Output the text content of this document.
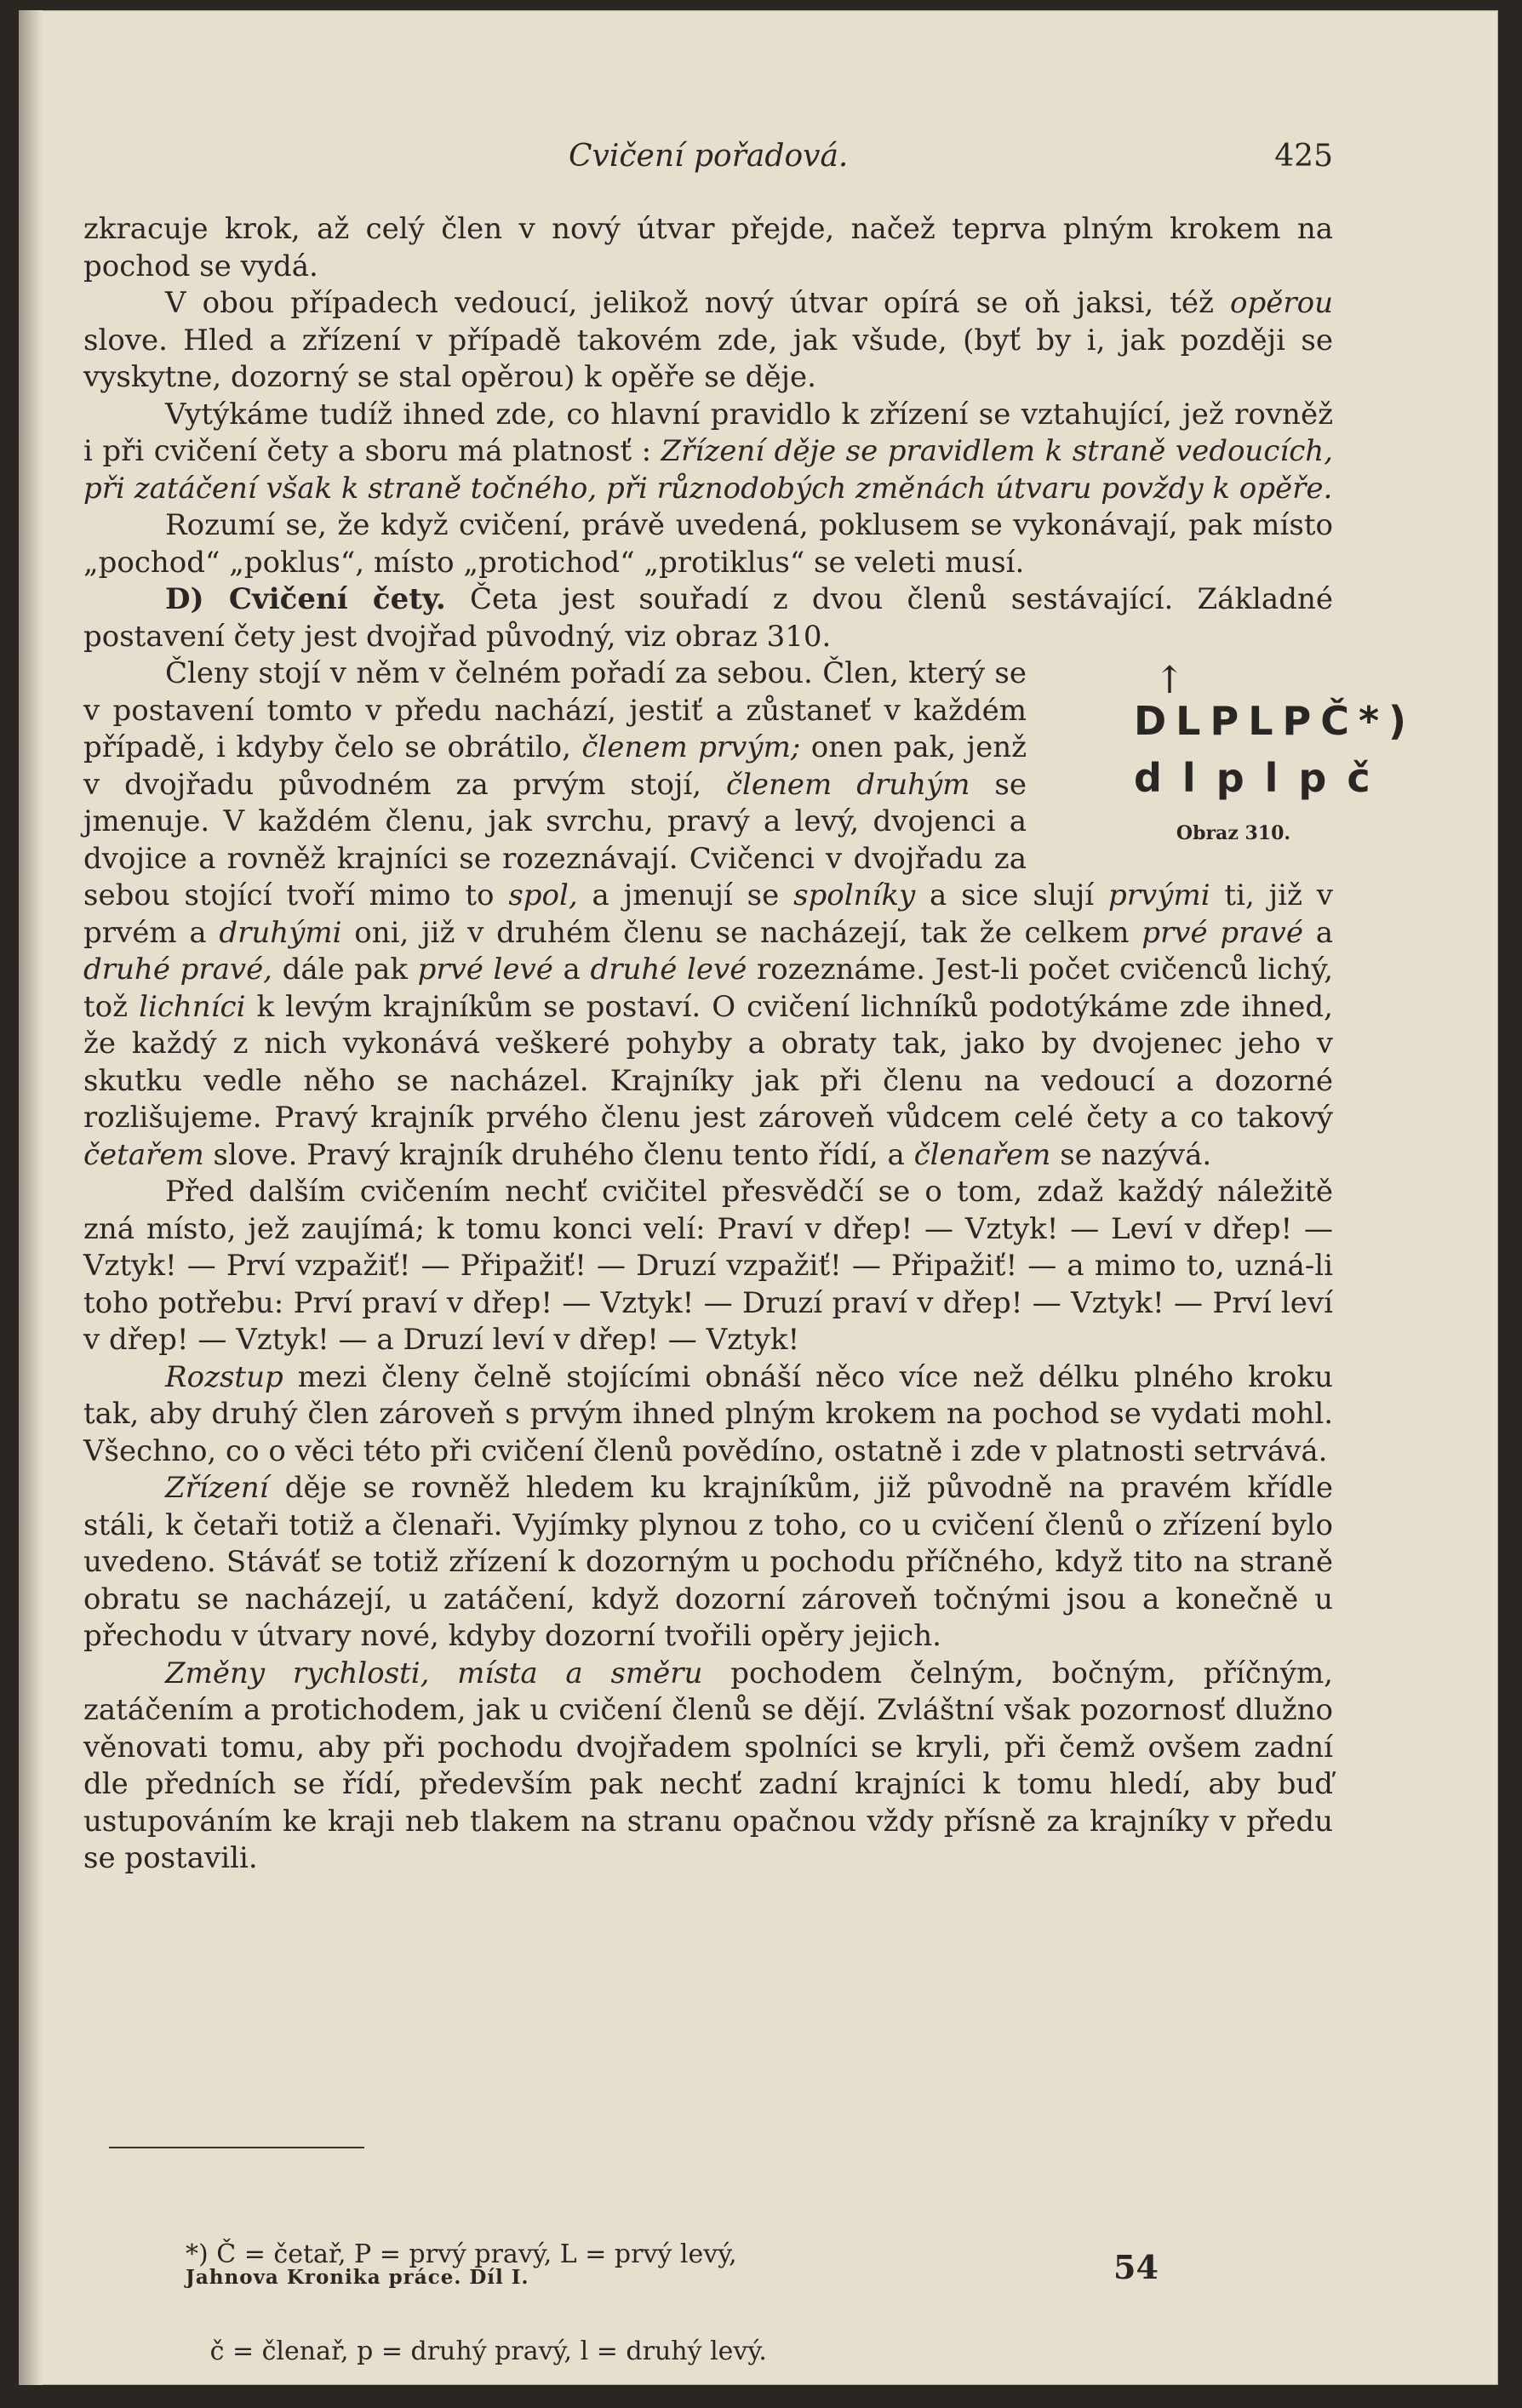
Cvičení pořadová.	425

zkracuje krok, až celý člen v nový útvar přejde, načež teprva plným krokem na pochod se vydá.

V obou případech vedoucí, jelikož nový útvar opírá se oň jaksi, též opěrou slove. Hled a zřízení v případě takovém zde, jak všude, (byť by i, jak později se vyskytne, dozorný se stal opěrou) k opěře se děje.

Vytýkáme tudíž ihned zde, co hlavní pravidlo k zřízení se vztahující, jež rovněž i při cvičení čety a sboru má platnosť : Zřízení děje se pravidlem k straně vedoucích, při zatáčení však k straně točného, při různodobých změnách útvaru povždy k opěře.

Rozumí se, že když cvičení, právě uvedená, poklusem se vykonávají, pak místo „pochod“ „poklus“, místo „protichod“ „protiklus“ se veleti musí.

D) Cvičení čety. Četa jest souřadí z dvou členů sestávající. Základné postavení čety jest dvojřad původný, viz obraz 310.

↑
DLPLPČ*)
dlplpč
Obraz 310.
Členy stojí v něm v čelném pořadí za sebou. Člen, který se v postavení tomto v předu nachází, jestiť a zůstaneť v každém případě, i kdyby čelo se obrátilo, členem prvým; onen pak, jenž v dvojřadu původném za prvým stojí, členem druhým se jmenuje. V každém členu, jak svrchu, pravý a levý, dvojenci a dvojice a rovněž krajníci se rozeznávají. Cvičenci v dvojřadu za sebou stojící tvoří mimo to spol, a jmenují se spolníky a sice slují prvými ti, již v prvém a druhými oni, již v druhém členu se nacházejí, tak že celkem prvé pravé a druhé pravé, dále pak prvé levé a druhé levé rozeznáme. Jest-li počet cvičenců lichý, tož lichníci k levým krajníkům se postaví. O cvičení lichníků podotýkáme zde ihned, že každý z nich vykonává veškeré pohyby a obraty tak, jako by dvojenec jeho v skutku vedle něho se nacházel. Krajníky jak při členu na vedoucí a dozorné rozlišujeme. Pravý krajník prvého členu jest zároveň vůdcem celé čety a co takový četařem slove. Pravý krajník druhého členu tento řídí, a členařem se nazývá.

Před dalším cvičením nechť cvičitel přesvědčí se o tom, zdaž každý náležitě zná místo, jež zaujímá; k tomu konci velí: Praví v dřep! — Vztyk! — Leví v dřep! — Vztyk! — Prví vzpažiť! — Připažiť! — Druzí vzpažiť! — Připažiť! — a mimo to, uzná-li toho potřebu: Prví praví v dřep! — Vztyk! — Druzí praví v dřep! — Vztyk! — Prví leví v dřep! — Vztyk! — a Druzí leví v dřep! — Vztyk!

Rozstup mezi členy čelně stojícími obnáší něco více než délku plného kroku tak, aby druhý člen zároveň s prvým ihned plným krokem na pochod se vydati mohl. Všechno, co o věci této při cvičení členů povědíno, ostatně i zde v platnosti setrvává.

Zřízení děje se rovněž hledem ku krajníkům, již původně na pravém křídle stáli, k četaři totiž a členaři. Vyjímky plynou z toho, co u cvičení členů o zřízení bylo uvedeno. Stáváť se totiž zřízení k dozorným u pochodu příčného, když tito na straně obratu se nacházejí, u zatáčení, když dozorní zároveň točnými jsou a konečně u přechodu v útvary nové, kdyby dozorní tvořili opěry jejich.

Změny rychlosti, místa a směru pochodem čelným, bočným, příčným, zatáčením a protichodem, jak u cvičení členů se dějí. Zvláštní však pozornosť dlužno věnovati tomu, aby při pochodu dvojřadem spolníci se kryli, při čemž ovšem zadní dle předních se řídí, především pak nechť zadní krajníci k tomu hledí, aby buď ustupováním ke kraji neb tlakem na stranu opačnou vždy přísně za krajníky v předu se postavili.

*) Č = četař, P = prvý pravý, L = prvý levý,

č = členař, p = druhý pravý, l = druhý levý.

Jahnova Kronika práce. Díl I.	54
